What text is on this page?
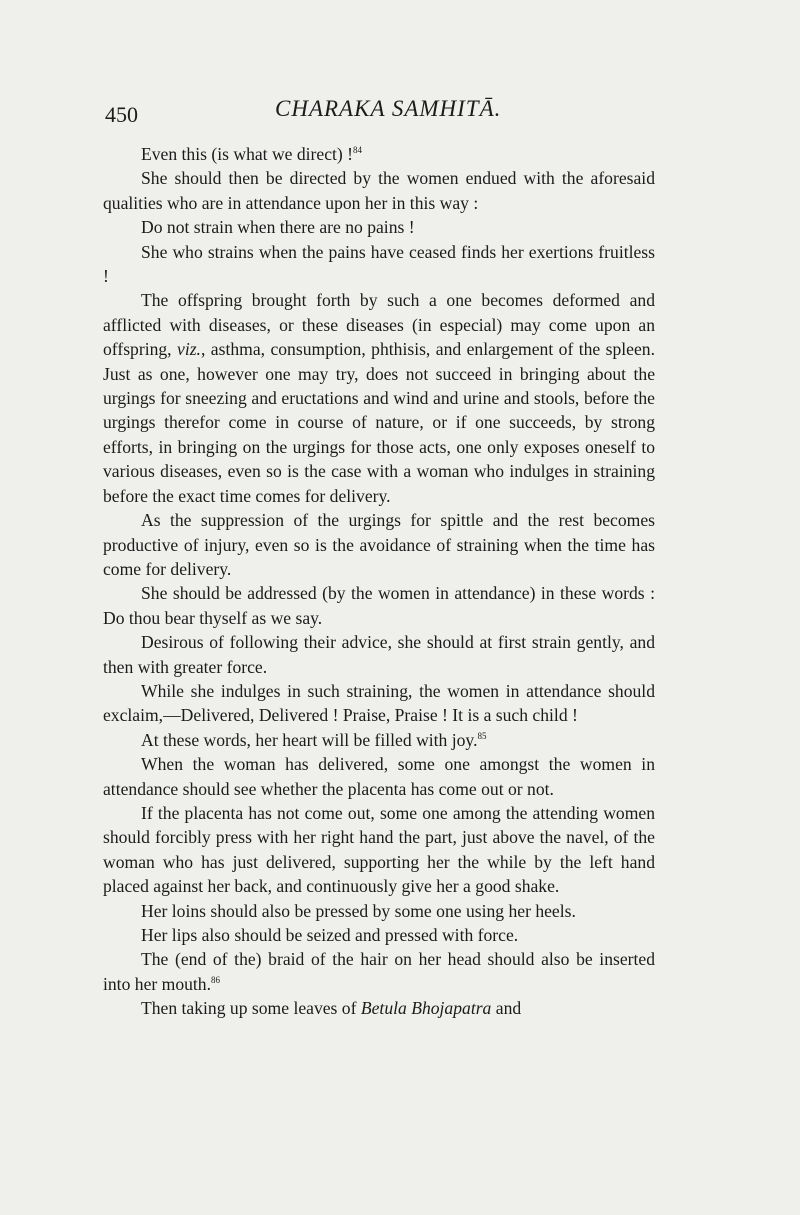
450	CHARAKA SAMHITĀ.

Even this (is what we direct) !$^{84}$

She should then be directed by the women endued with the aforesaid qualities who are in attendance upon her in this way :

Do not strain when there are no pains !

She who strains when the pains have ceased finds her exertions fruitless !

The offspring brought forth by such a one becomes deformed and afflicted with diseases, or these diseases (in especial) may come upon an offspring, viz., asthma, consumption, phthisis, and enlargement of the spleen. Just as one, however one may try, does not succeed in bringing about the urgings for sneezing and eructations and wind and urine and stools, before the urgings therefor come in course of nature, or if one succeeds, by strong efforts, in bringing on the urgings for those acts, one only exposes oneself to various diseases, even so is the case with a woman who indulges in straining before the exact time comes for delivery.

As the suppression of the urgings for spittle and the rest becomes productive of injury, even so is the avoidance of straining when the time has come for delivery.

She should be addressed (by the women in attendance) in these words : Do thou bear thyself as we say.

Desirous of following their advice, she should at first strain gently, and then with greater force.

While she indulges in such straining, the women in attendance should exclaim,—Delivered, Delivered ! Praise, Praise ! It is a such child !

At these words, her heart will be filled with joy.$^{85}$

When the woman has delivered, some one amongst the women in attendance should see whether the placenta has come out or not.

If the placenta has not come out, some one among the attending women should forcibly press with her right hand the part, just above the navel, of the woman who has just delivered, supporting her the while by the left hand placed against her back, and continuously give her a good shake.

Her loins should also be pressed by some one using her heels.

Her lips also should be seized and pressed with force.

The (end of the) braid of the hair on her head should also be inserted into her mouth.$^{86}$

Then taking up some leaves of Betula Bhojapatra and
